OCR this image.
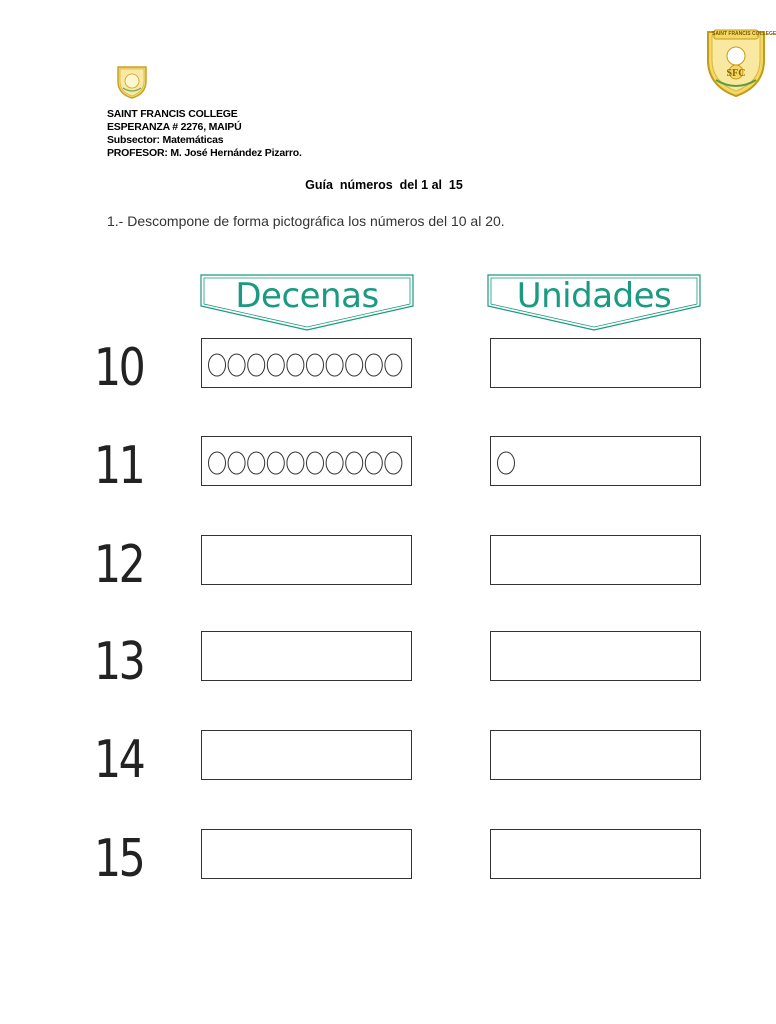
SAINT FRANCIS COLLEGE
SFC
SAINT FRANCIS COLLEGE
ESPERANZA # 2276, MAIPÚ
Subsector: Matemáticas
PROFESOR: M. José Hernández Pizarro.
Guía  números  del 1 al  15
1.- Descompone de forma pictográfica los números del 10 al 20.
Decenas	Unidades
10
11
12
13
14
15
